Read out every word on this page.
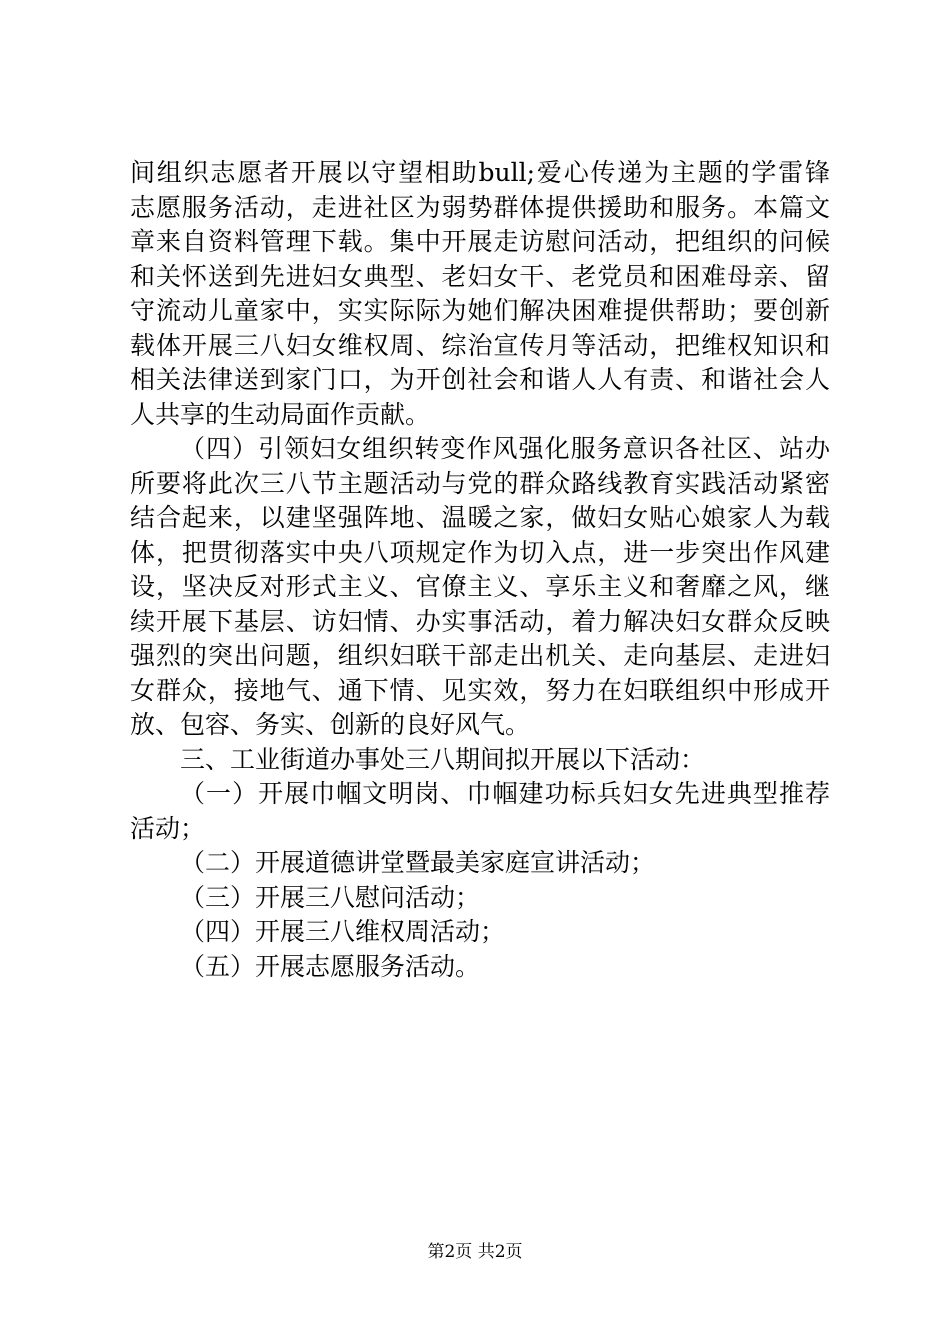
间组织志愿者开展以守望相助bull;爱心传递为主题的学雷锋
志愿服务活动，走进社区为弱势群体提供援助和服务。本篇文
章来自资料管理下载。集中开展走访慰问活动，把组织的问候
和关怀送到先进妇女典型、老妇女干、老党员和困难母亲、留
守流动儿童家中，实实际际为她们解决困难提供帮助；要创新
载体开展三八妇女维权周、综治宣传月等活动，把维权知识和
相关法律送到家门口，为开创社会和谐人人有责、和谐社会人
人共享的生动局面作贡献。
（四）引领妇女组织转变作风强化服务意识各社区、站办
所要将此次三八节主题活动与党的群众路线教育实践活动紧密
结合起来，以建坚强阵地、温暖之家，做妇女贴心娘家人为载
体，把贯彻落实中央八项规定作为切入点，进一步突出作风建
设，坚决反对形式主义、官僚主义、享乐主义和奢靡之风，继
续开展下基层、访妇情、办实事活动，着力解决妇女群众反映
强烈的突出问题，组织妇联干部走出机关、走向基层、走进妇
女群众，接地气、通下情、见实效，努力在妇联组织中形成开
放、包容、务实、创新的良好风气。
三、工业街道办事处三八期间拟开展以下活动：
（一）开展巾帼文明岗、巾帼建功标兵妇女先进典型推荐
活动；
（二）开展道德讲堂暨最美家庭宣讲活动；
（三）开展三八慰问活动；
（四）开展三八维权周活动；
（五）开展志愿服务活动。
第2页 共2页
